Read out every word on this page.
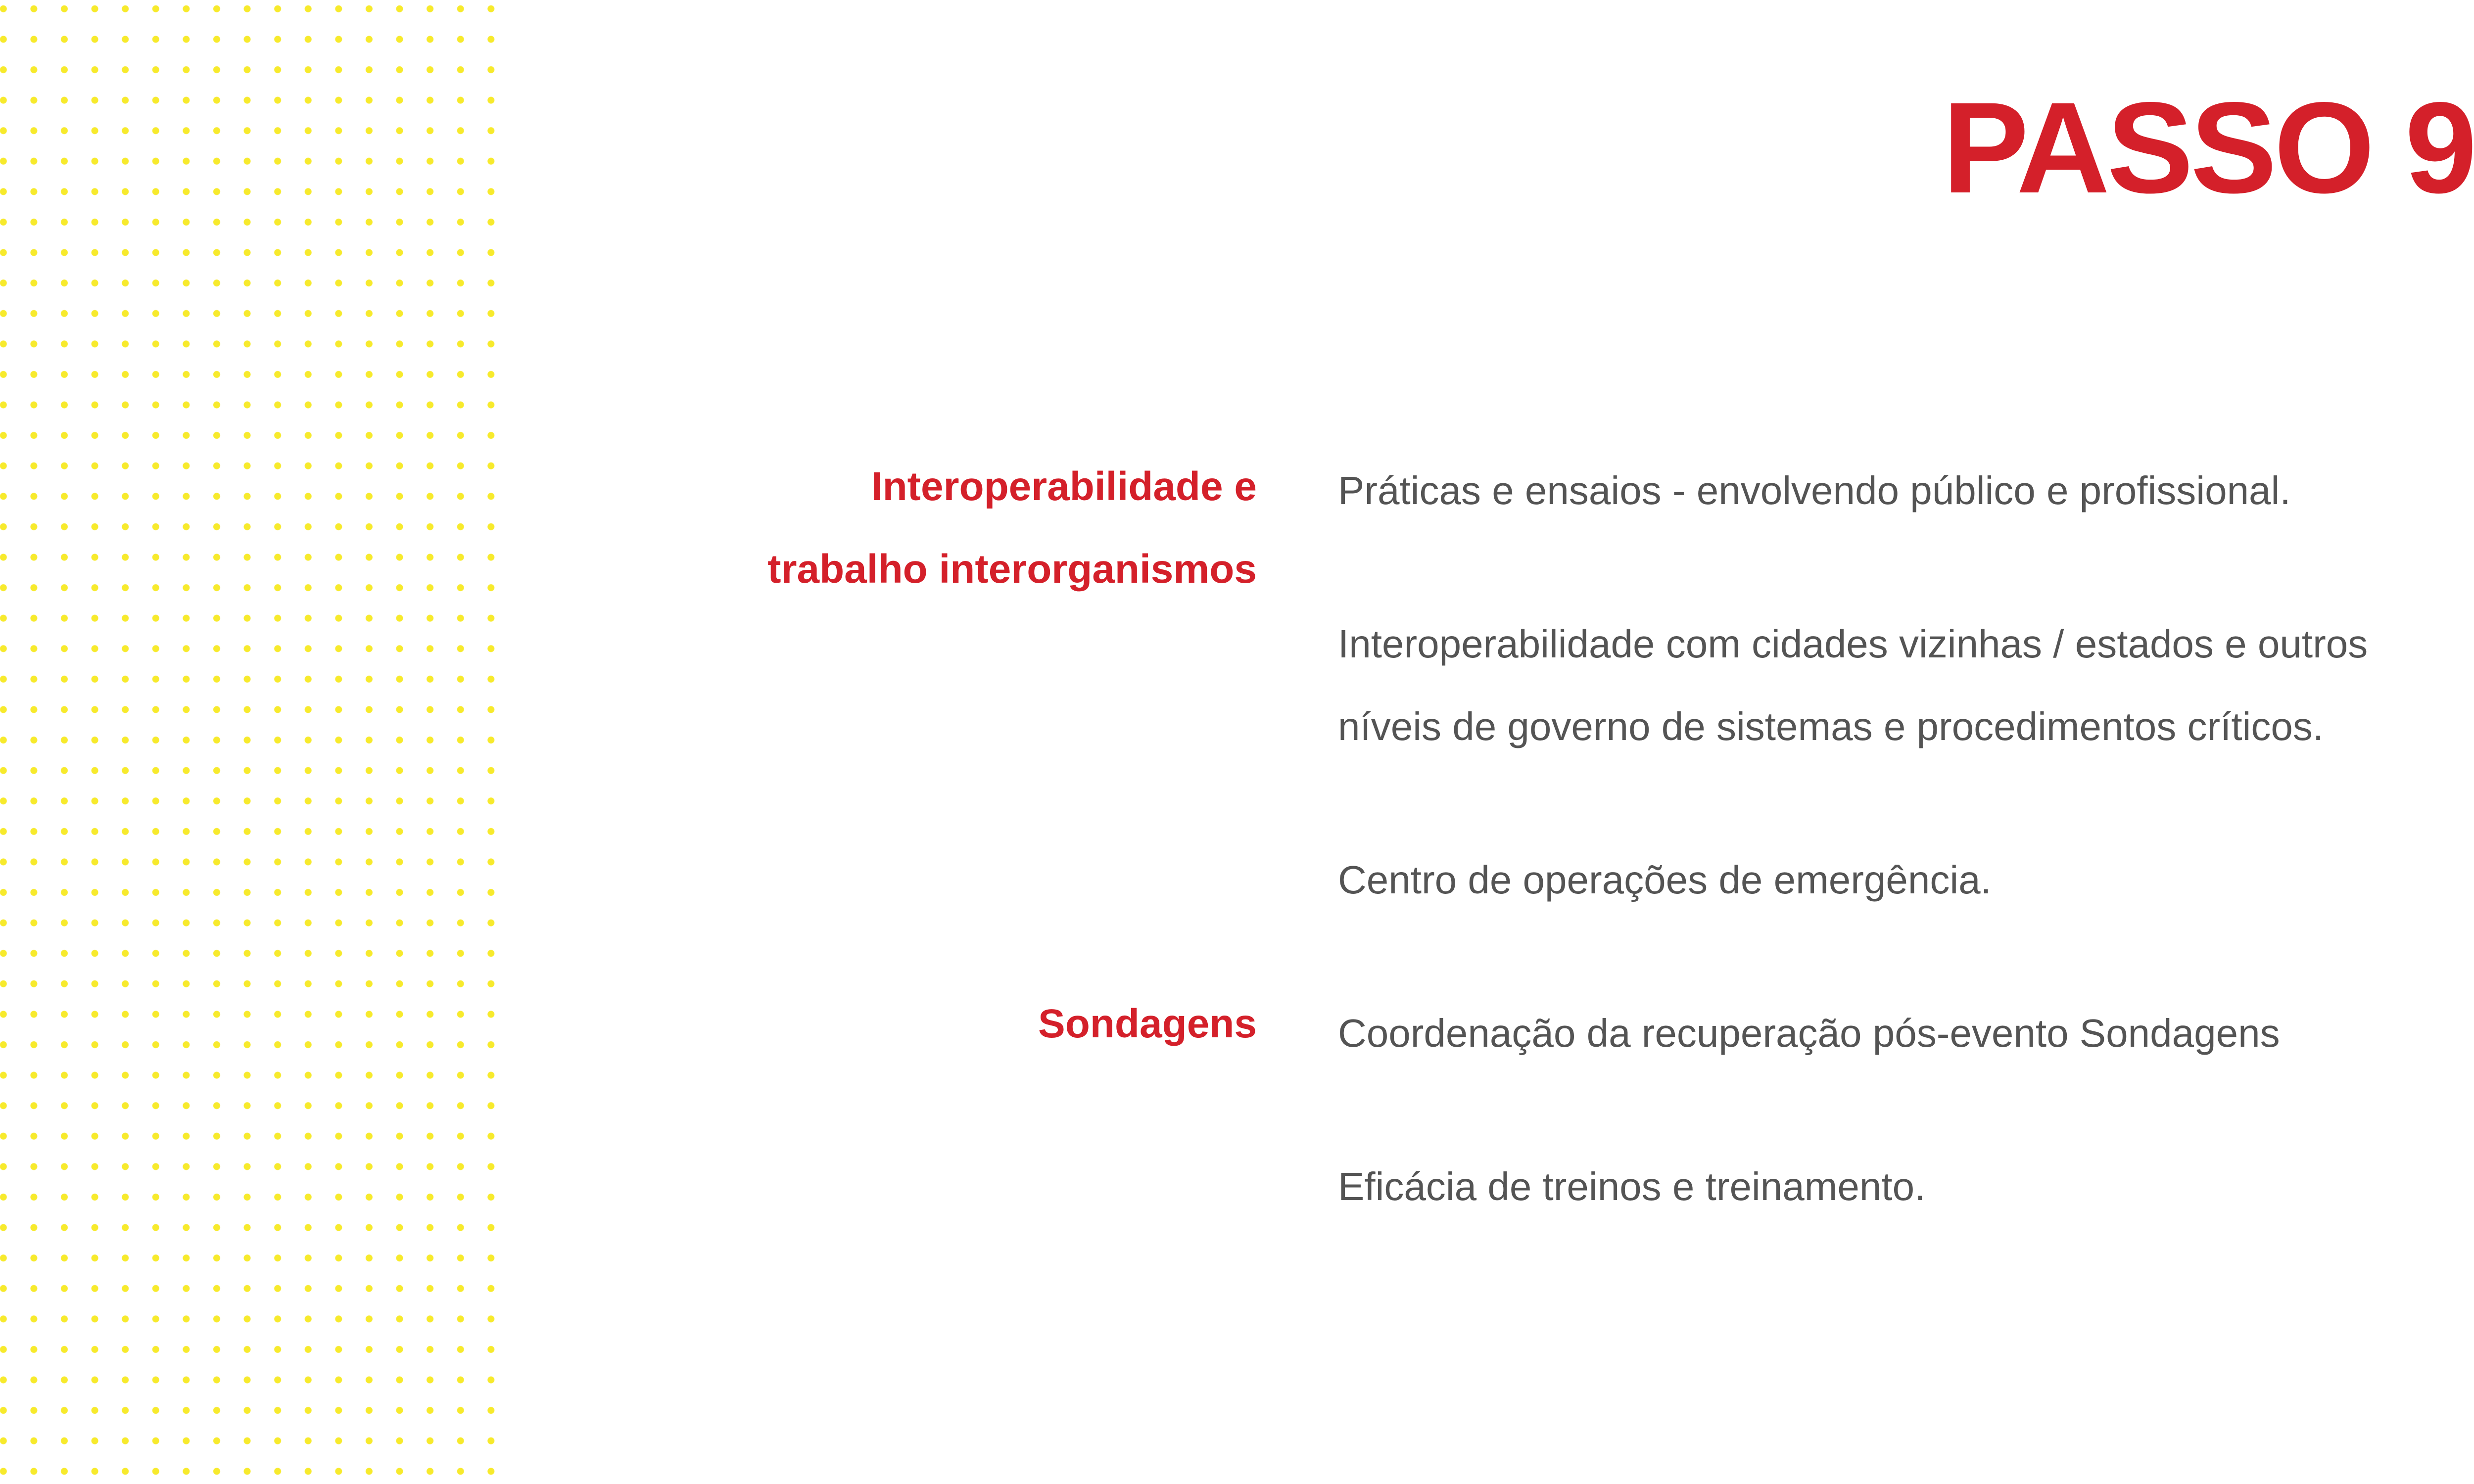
PASSO 9
Interoperabilidade e
trabalho interorganismos
Sondagens

Práticas e ensaios - envolvendo público e profissional.

Interoperabilidade com cidades vizinhas / estados e outros
níveis de governo de sistemas e procedimentos críticos.

Centro de operações de emergência.

Coordenação da recuperação pós-evento Sondagens

Eficácia de treinos e treinamento.
